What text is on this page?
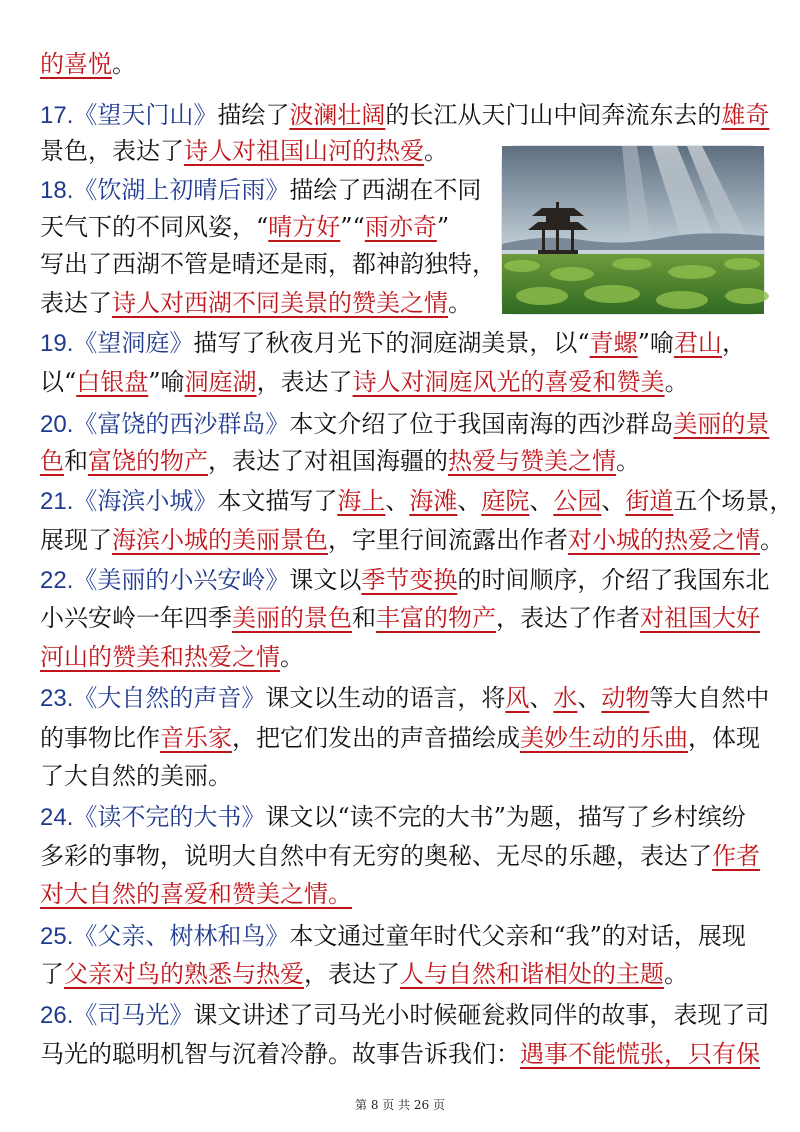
的喜悦。
17.《望天门山》描绘了波澜壮阔的长江从天门山中间奔流东去的雄奇
景色，表达了诗人对祖国山河的热爱。
18.《饮湖上初晴后雨》描绘了西湖在不同
天气下的不同风姿，“晴方好”“雨亦奇”
写出了西湖不管是晴还是雨，都神韵独特，
表达了诗人对西湖不同美景的赞美之情。
19.《望洞庭》描写了秋夜月光下的洞庭湖美景，以“青螺”喻君山，
以“白银盘”喻洞庭湖，表达了诗人对洞庭风光的喜爱和赞美。
20.《富饶的西沙群岛》本文介绍了位于我国南海的西沙群岛美丽的景
色和富饶的物产，表达了对祖国海疆的热爱与赞美之情。
21.《海滨小城》本文描写了海上、海滩、庭院、公园、街道五个场景，
展现了海滨小城的美丽景色，字里行间流露出作者对小城的热爱之情。
22.《美丽的小兴安岭》课文以季节变换的时间顺序，介绍了我国东北
小兴安岭一年四季美丽的景色和丰富的物产，表达了作者对祖国大好
河山的赞美和热爱之情。
23.《大自然的声音》课文以生动的语言，将风、水、动物等大自然中
的事物比作音乐家，把它们发出的声音描绘成美妙生动的乐曲，体现
了大自然的美丽。
24.《读不完的大书》课文以“读不完的大书”为题，描写了乡村缤纷
多彩的事物，说明大自然中有无穷的奥秘、无尽的乐趣，表达了作者
对大自然的喜爱和赞美之情。
25.《父亲、树林和鸟》本文通过童年时代父亲和“我”的对话，展现
了父亲对鸟的熟悉与热爱，表达了人与自然和谐相处的主题。
26.《司马光》课文讲述了司马光小时候砸瓮救同伴的故事，表现了司
马光的聪明机智与沉着冷静。故事告诉我们：遇事不能慌张，只有保
第 8 页 共 26 页
